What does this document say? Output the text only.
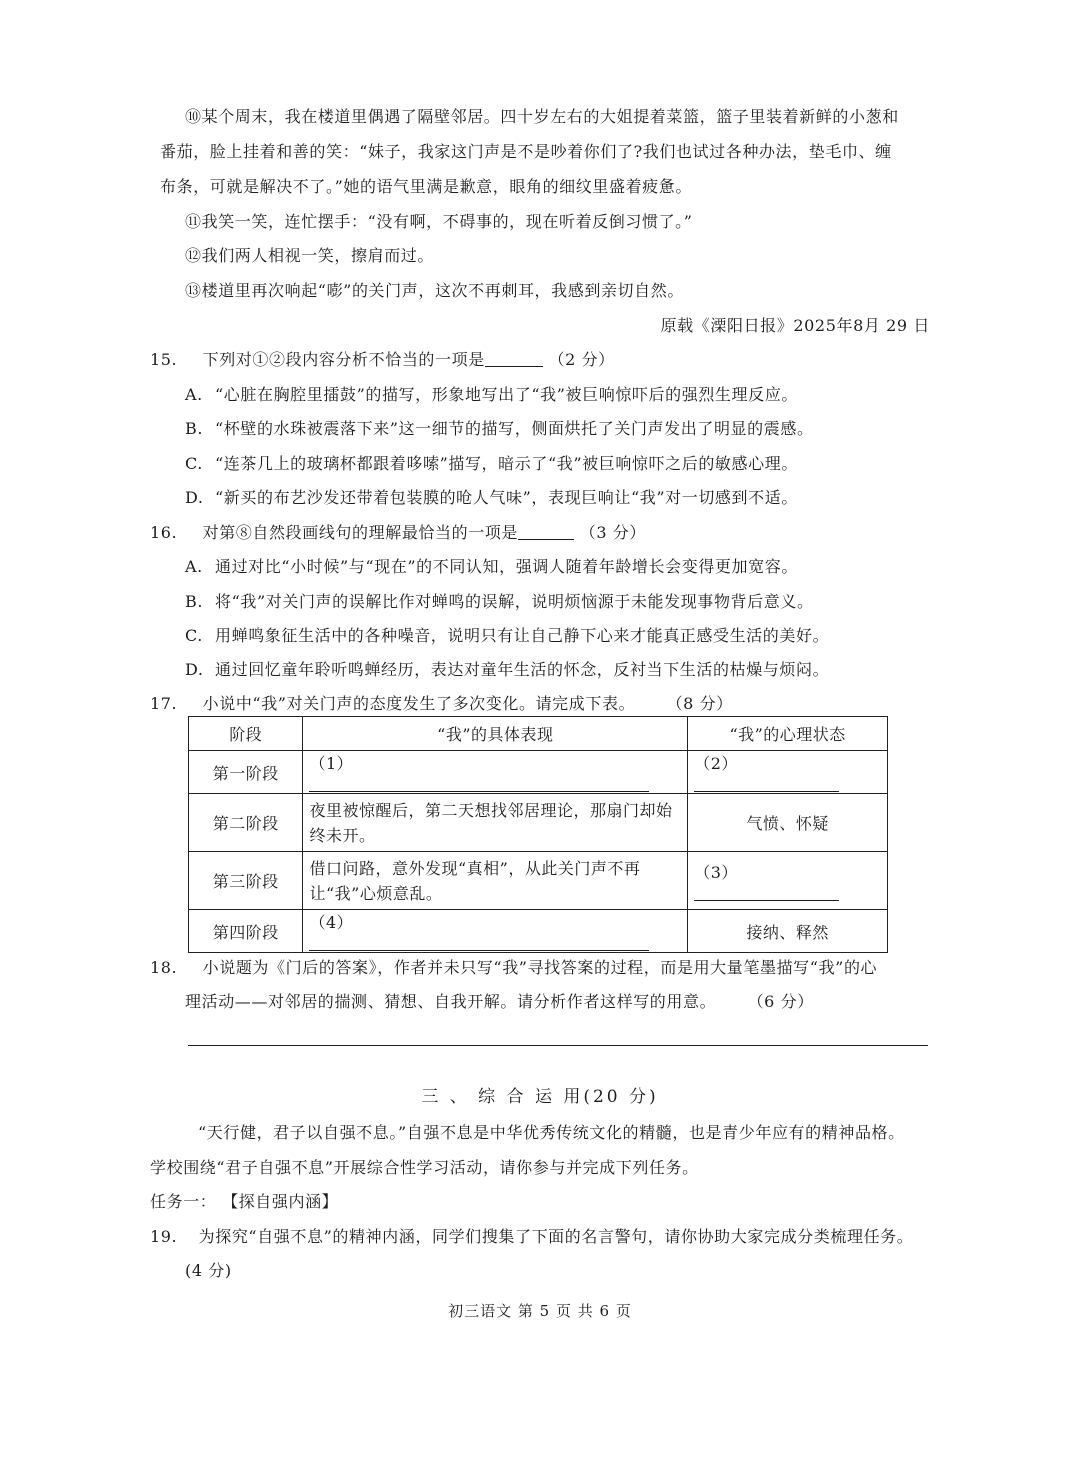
⑩某个周末，我在楼道里偶遇了隔壁邻居。四十岁左右的大姐提着菜篮，篮子里装着新鲜的小葱和
番茄，脸上挂着和善的笑：“妹子，我家这门声是不是吵着你们了?我们也试过各种办法，垫毛巾、缠
布条，可就是解决不了。”她的语气里满是歉意，眼角的细纹里盛着疲惫。
⑪我笑一笑，连忙摆手：“没有啊，不碍事的，现在听着反倒习惯了。”
⑫我们两人相视一笑，擦肩而过。
⑬楼道里再次响起“嘭”的关门声，这次不再刺耳，我感到亲切自然。
原载《溧阳日报》2025年8月 29 日
15. 下列对①②段内容分析不恰当的一项是	（2 分）
A. “心脏在胸腔里擂鼓”的描写，形象地写出了“我”被巨响惊吓后的强烈生理反应。
B. “杯壁的水珠被震落下来”这一细节的描写，侧面烘托了关门声发出了明显的震感。
C. “连茶几上的玻璃杯都跟着哆嗦”描写，暗示了“我”被巨响惊吓之后的敏感心理。
D. “新买的布艺沙发还带着包装膜的呛人气味”，表现巨响让“我”对一切感到不适。
16. 对第⑧自然段画线句的理解最恰当的一项是	（3 分）
A. 通过对比“小时候”与“现在”的不同认知，强调人随着年龄增长会变得更加宽容。
B. 将“我”对关门声的误解比作对蝉鸣的误解，说明烦恼源于未能发现事物背后意义。
C. 用蝉鸣象征生活中的各种噪音，说明只有让自己静下心来才能真正感受生活的美好。
D. 通过回忆童年聆听鸣蝉经历，表达对童年生活的怀念，反衬当下生活的枯燥与烦闷。
17. 小说中“我”对关门声的态度发生了多次变化。请完成下表。 （8 分）
阶段	“我”的具体表现	“我”的心理状态
第一阶段	（1）	（2）
第二阶段	夜里被惊醒后，第二天想找邻居理论，那扇门却始终未开。	气愤、怀疑
第三阶段	借口问路，意外发现“真相”，从此关门声不再让“我”心烦意乱。	（3）
第四阶段	（4）	接纳、释然
18. 小说题为《门后的答案》，作者并未只写“我”寻找答案的过程，而是用大量笔墨描写“我”的心
理活动——对邻居的揣测、猜想、自我开解。请分析作者这样写的用意。 （6 分）
三 、 综 合 运 用(20 分)
“天行健，君子以自强不息。”自强不息是中华优秀传统文化的精髓，也是青少年应有的精神品格。
学校围绕“君子自强不息”开展综合性学习活动，请你参与并完成下列任务。
任务一： 【探自强内涵】
19. 为探究“自强不息”的精神内涵，同学们搜集了下面的名言警句，请你协助大家完成分类梳理任务。
(4 分)
初三语文 第 5 页 共 6 页
